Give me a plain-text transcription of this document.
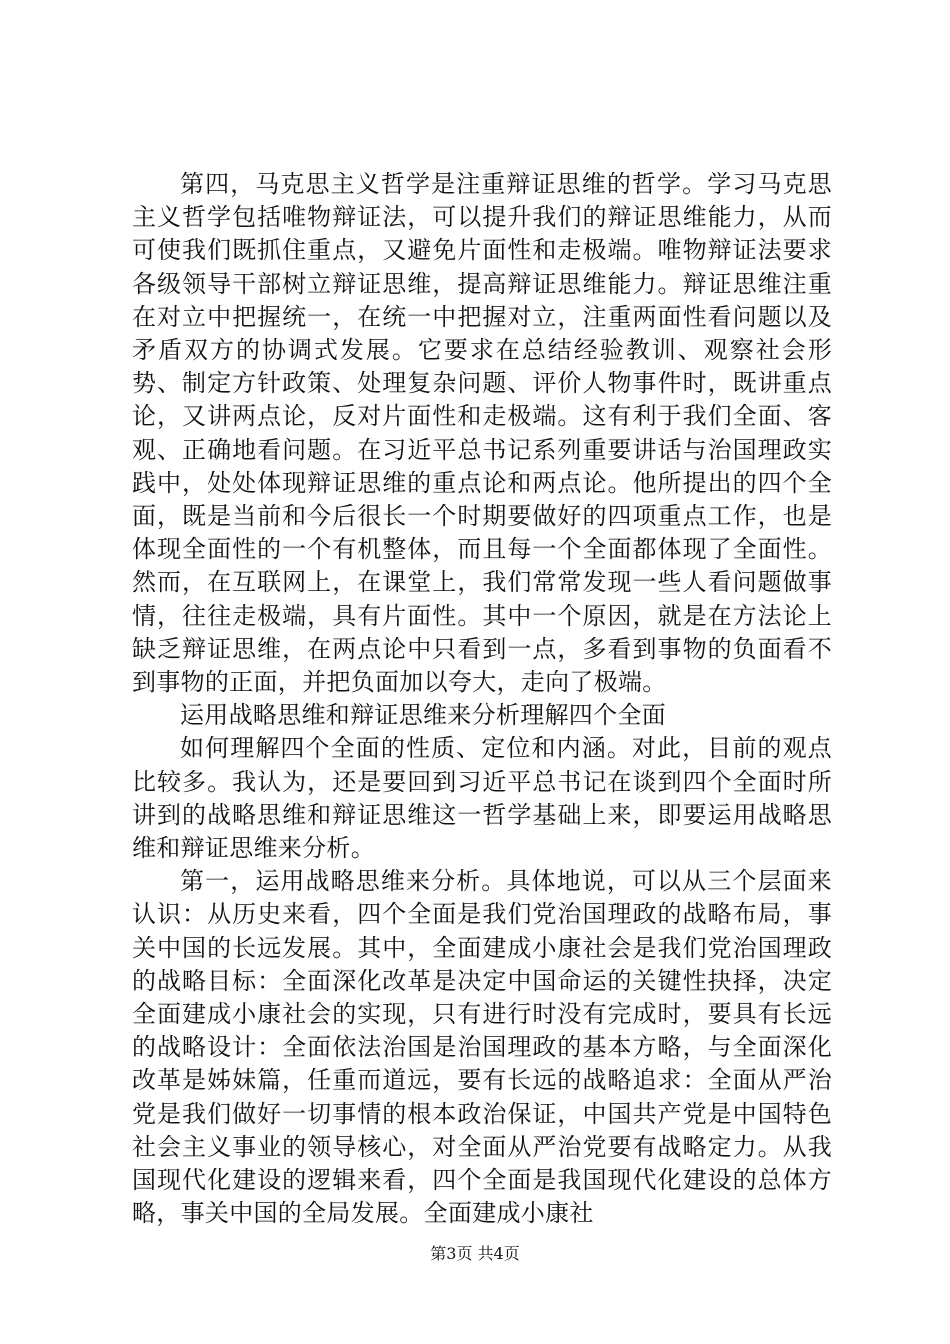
第四，马克思主义哲学是注重辩证思维的哲学。学习马克思主义哲学包括唯物辩证法，可以提升我们的辩证思维能力，从而可使我们既抓住重点，又避免片面性和走极端。唯物辩证法要求各级领导干部树立辩证思维，提高辩证思维能力。辩证思维注重在对立中把握统一，在统一中把握对立，注重两面性看问题以及矛盾双方的协调式发展。它要求在总结经验教训、观察社会形势、制定方针政策、处理复杂问题、评价人物事件时，既讲重点论，又讲两点论，反对片面性和走极端。这有利于我们全面、客观、正确地看问题。在习近平总书记系列重要讲话与治国理政实践中，处处体现辩证思维的重点论和两点论。他所提出的四个全面，既是当前和今后很长一个时期要做好的四项重点工作，也是体现全面性的一个有机整体，而且每一个全面都体现了全面性。然而，在互联网上，在课堂上，我们常常发现一些人看问题做事情，往往走极端，具有片面性。其中一个原因，就是在方法论上缺乏辩证思维，在两点论中只看到一点，多看到事物的负面看不到事物的正面，并把负面加以夸大，走向了极端。

运用战略思维和辩证思维来分析理解四个全面

如何理解四个全面的性质、定位和内涵。对此，目前的观点比较多。我认为，还是要回到习近平总书记在谈到四个全面时所讲到的战略思维和辩证思维这一哲学基础上来，即要运用战略思维和辩证思维来分析。

第一，运用战略思维来分析。具体地说，可以从三个层面来认识：从历史来看，四个全面是我们党治国理政的战略布局，事关中国的长远发展。其中，全面建成小康社会是我们党治国理政的战略目标：全面深化改革是决定中国命运的关键性抉择，决定全面建成小康社会的实现，只有进行时没有完成时，要具有长远的战略设计：全面依法治国是治国理政的基本方略，与全面深化改革是姊妹篇，任重而道远，要有长远的战略追求：全面从严治党是我们做好一切事情的根本政治保证，中国共产党是中国特色社会主义事业的领导核心，对全面从严治党要有战略定力。从我国现代化建设的逻辑来看，四个全面是我国现代化建设的总体方略，事关中国的全局发展。全面建成小康社

第3页 共4页
